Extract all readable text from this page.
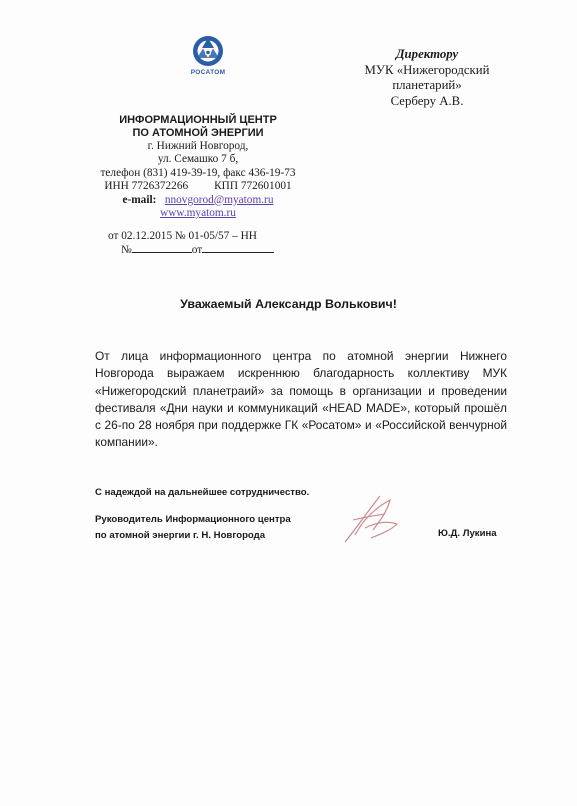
РОСАТОМ
ИНФОРМАЦИОННЫЙ ЦЕНТР
ПО АТОМНОЙ ЭНЕРГИИ
г. Нижний Новгород,
ул. Семашко 7 б,
телефон (831) 419-39-19, факс 436-19-73
ИНН 7726372266 КПП 772601001
e-mail: nnovgorod@myatom.ru
www.myatom.ru
от 02.12.2015 № 01-05/57 – НН
№	от
Директору
МУК «Нижегородский
планетарий»
Серберу А.В.
Уважаемый Александр Волькович!
От лица информационного центра по атомной энергии Нижнего Новгорода выражаем искреннюю благодарность коллективу МУК «Нижегородский планетраий» за помощь в организации и проведении фестиваля «Дни науки и коммуникаций «HEAD MADE», который прошёл с 26-по 28 ноября при поддержке ГК «Росатом» и «Российской венчурной компании».
С надеждой на дальнейшее сотрудничество.
Руководитель Информационного центра
по атомной энергии г. Н. Новгорода	Ю.Д. Лукина
